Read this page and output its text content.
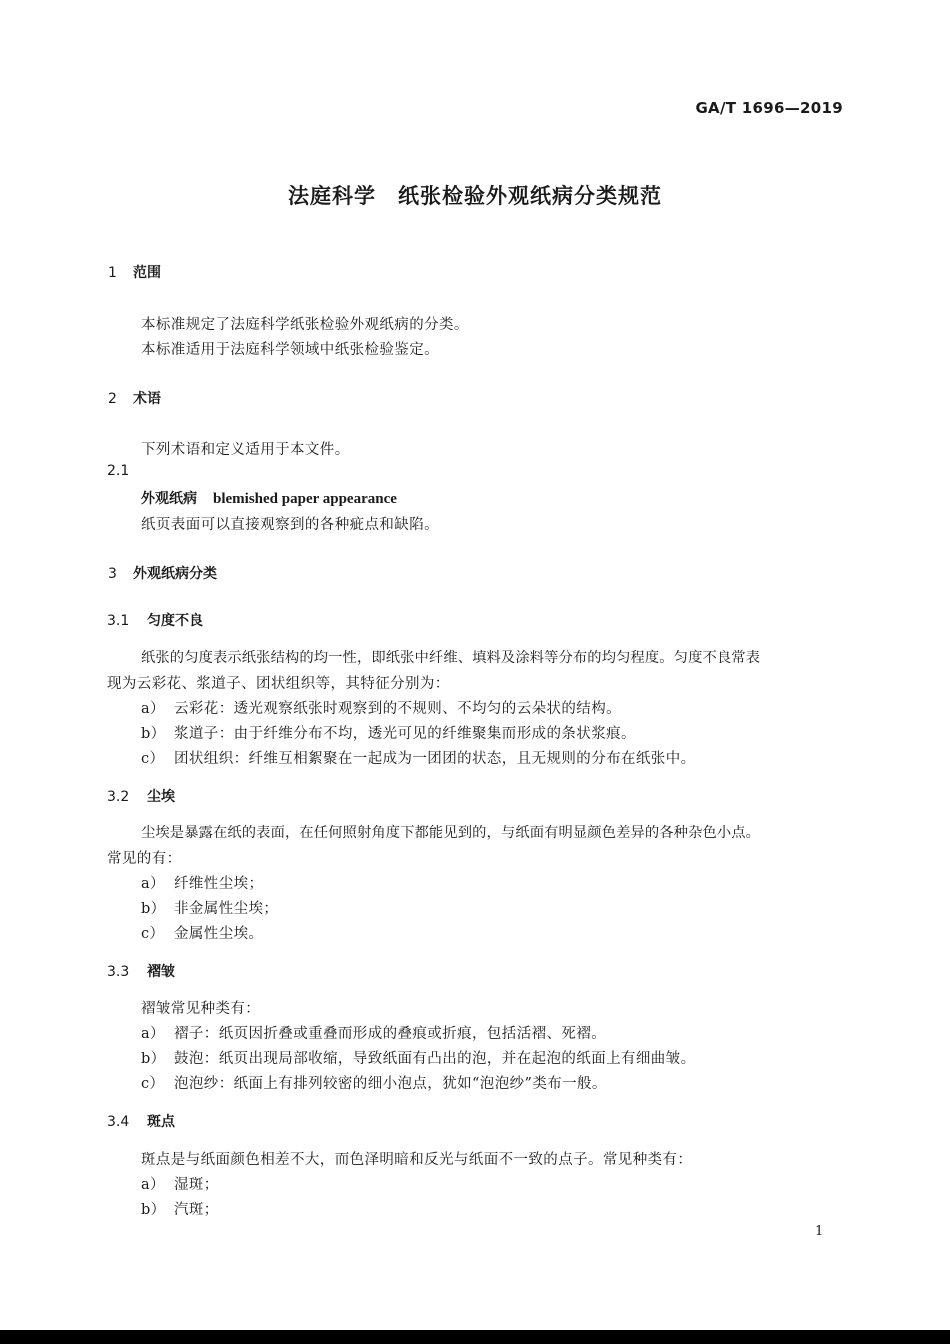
GA/T 1696—2019
法庭科学　纸张检验外观纸病分类规范
1 范围
本标准规定了法庭科学纸张检验外观纸病的分类。
本标准适用于法庭科学领域中纸张检验鉴定。
2 术语
下列术语和定义适用于本文件。
2.1
外观纸病 blemished paper appearance
纸页表面可以直接观察到的各种疵点和缺陷。
3 外观纸病分类
3.1 匀度不良
纸张的匀度表示纸张结构的均一性，即纸张中纤维、填料及涂料等分布的均匀程度。匀度不良常表
现为云彩花、浆道子、团状组织等，其特征分别为：
a） 云彩花：透光观察纸张时观察到的不规则、不均匀的云朵状的结构。
b） 浆道子：由于纤维分布不均，透光可见的纤维聚集而形成的条状浆痕。
c） 团状组织：纤维互相絮聚在一起成为一团团的状态，且无规则的分布在纸张中。
3.2 尘埃
尘埃是暴露在纸的表面，在任何照射角度下都能见到的，与纸面有明显颜色差异的各种杂色小点。
常见的有：
a） 纤维性尘埃；
b） 非金属性尘埃；
c） 金属性尘埃。
3.3 褶皱
褶皱常见种类有：
a） 褶子：纸页因折叠或重叠而形成的叠痕或折痕，包括活褶、死褶。
b） 鼓泡：纸页出现局部收缩，导致纸面有凸出的泡，并在起泡的纸面上有细曲皱。
c） 泡泡纱：纸面上有排列较密的细小泡点，犹如“泡泡纱”类布一般。
3.4 斑点
斑点是与纸面颜色相差不大，而色泽明暗和反光与纸面不一致的点子。常见种类有：
a） 湿斑；
b） 汽斑；
1
